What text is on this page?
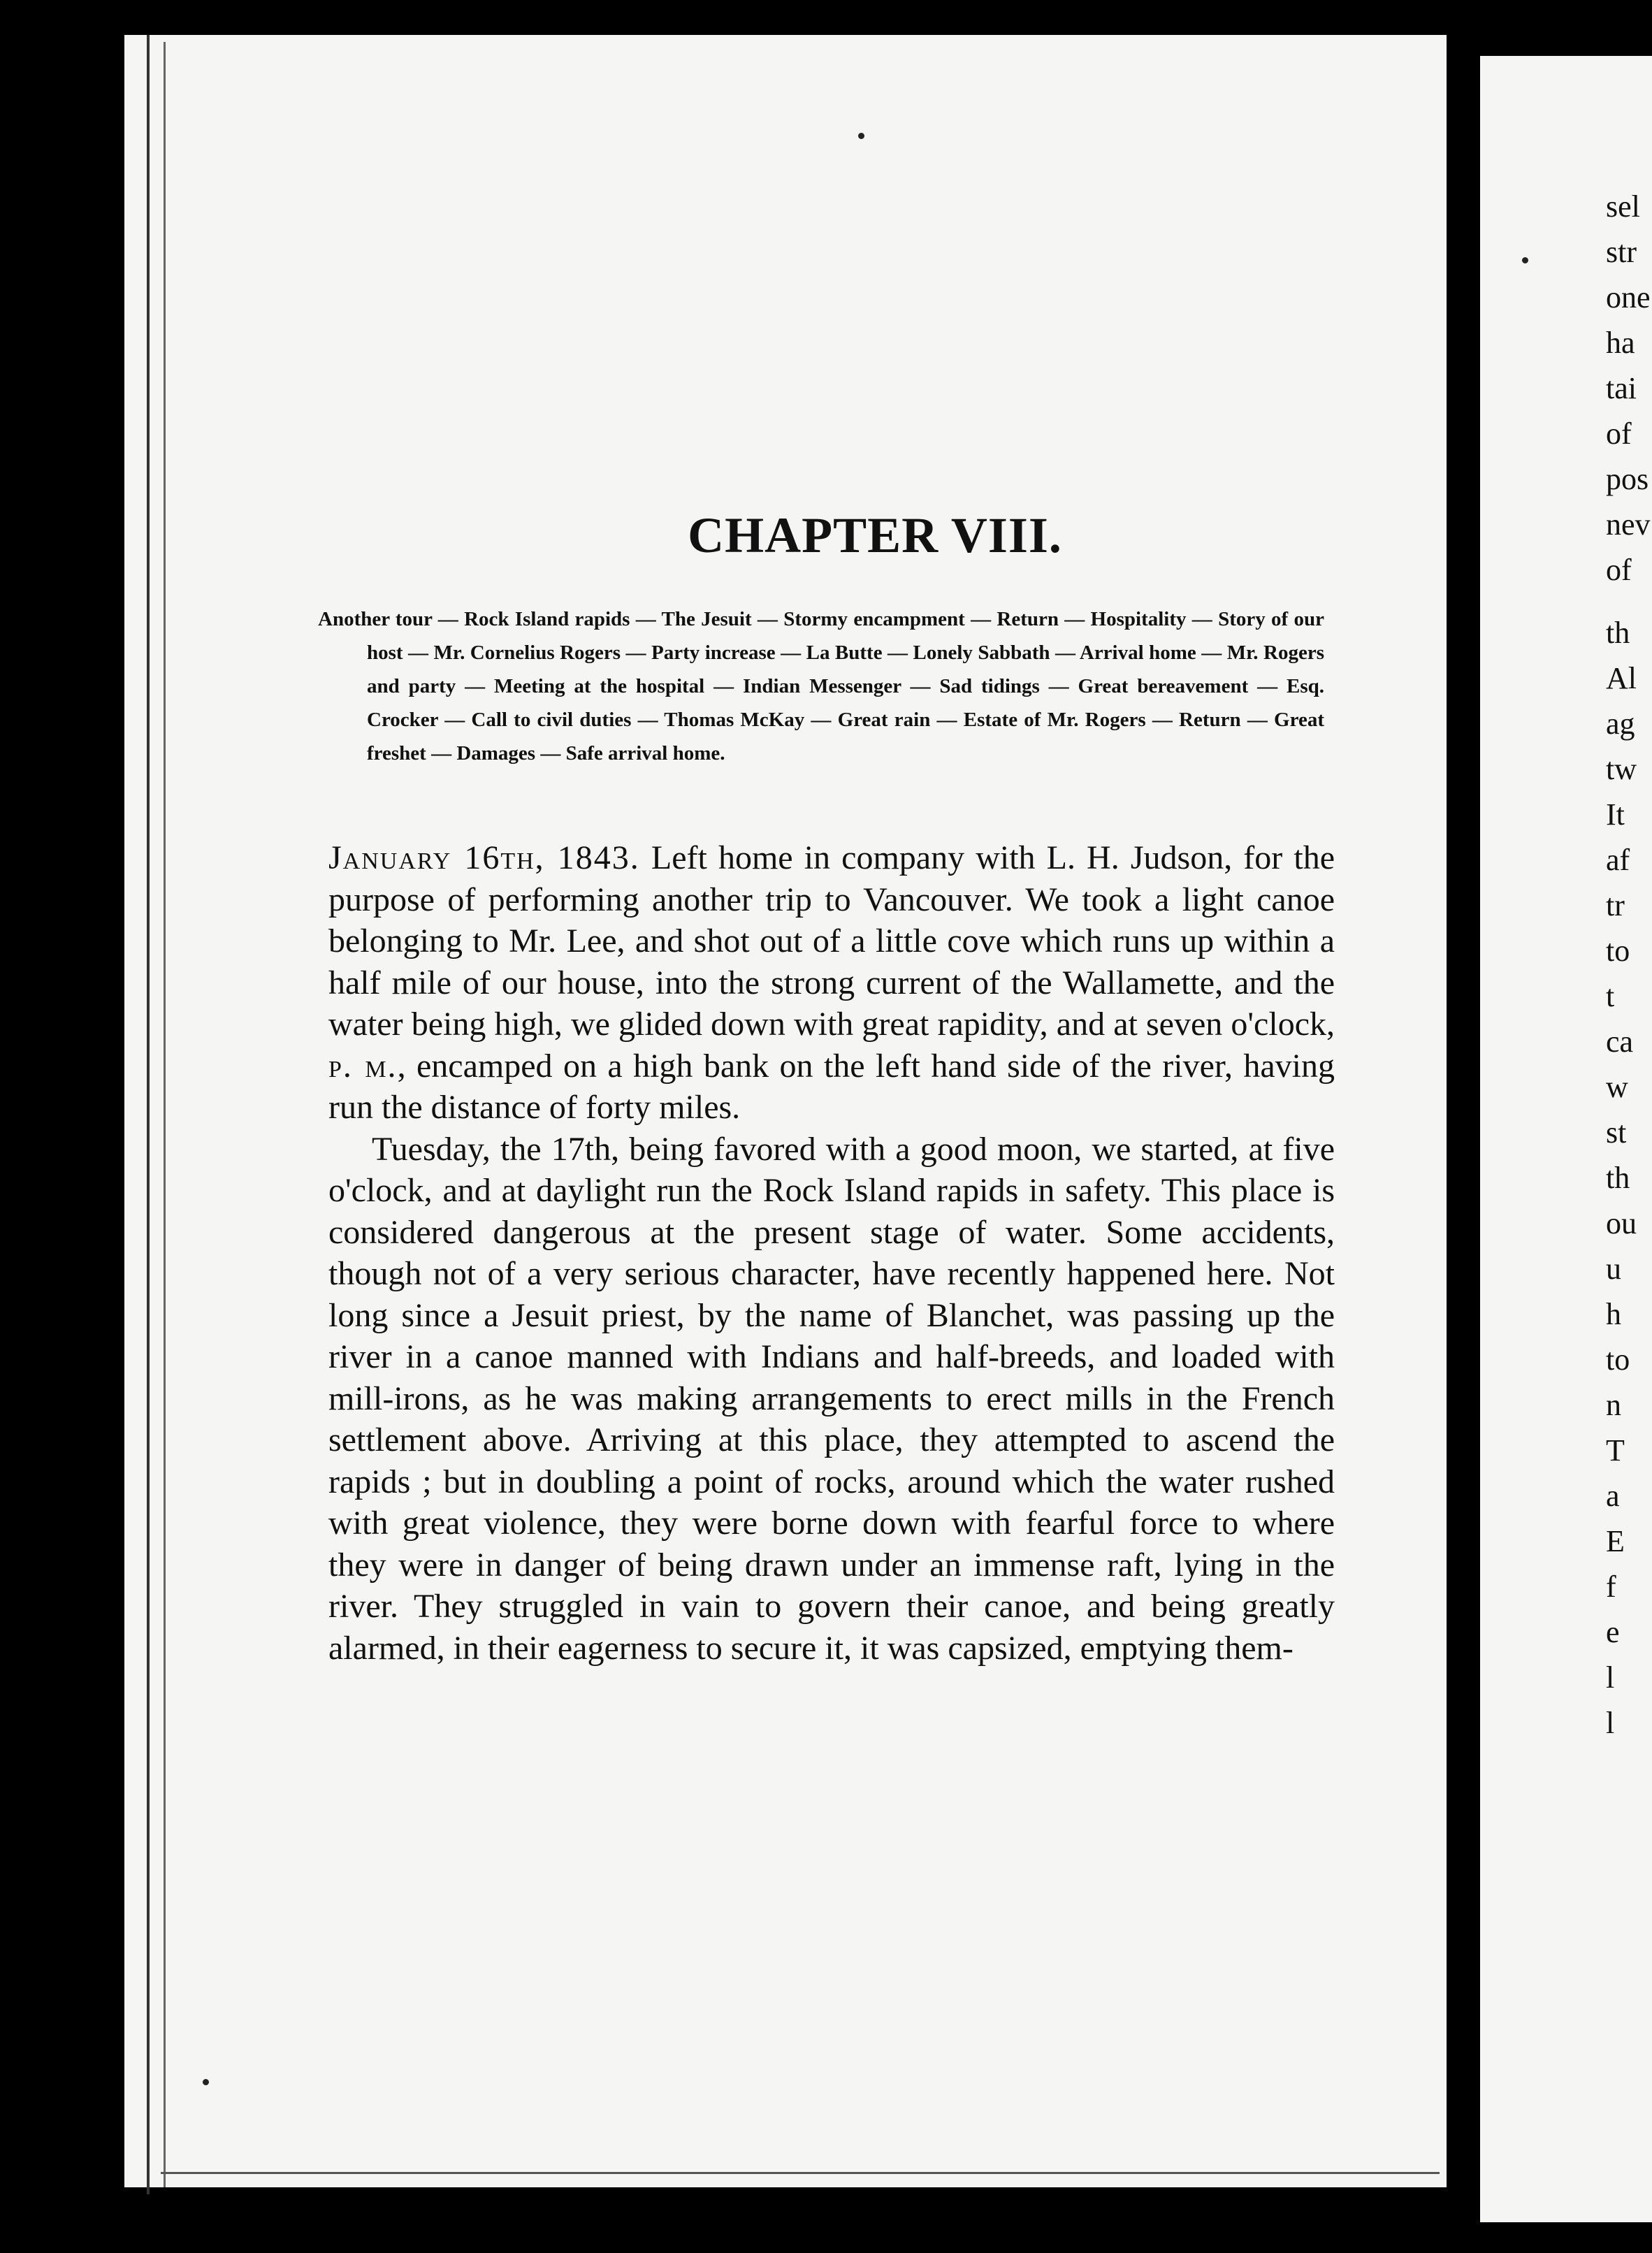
sel
str
one
ha
tai
of
pos
nev
of
th
Al
ag
tw
It
af
tr
to
t
ca
w
st
th
ou
u
h
to
n
T
a
E
f
e
l
l
CHAPTER VIII.
Another tour — Rock Island rapids — The Jesuit — Stormy encampment — Return — Hospitality — Story of our host — Mr. Cornelius Rogers — Party increase — La Butte — Lonely Sabbath — Arrival home — Mr. Rogers and party — Meeting at the hospital — Indian Messenger — Sad tidings — Great bereavement — Esq. Crocker — Call to civil duties — Thomas McKay — Great rain — Estate of Mr. Rogers — Return — Great freshet — Damages — Safe arrival home.

January 16th, 1843. Left home in company with L. H. Judson, for the purpose of performing another trip to Vancouver. We took a light canoe belonging to Mr. Lee, and shot out of a little cove which runs up within a half mile of our house, into the strong current of the Wallamette, and the water being high, we glided down with great rapidity, and at seven o'clock, p. m., encamped on a high bank on the left hand side of the river, having run the distance of forty miles.

Tuesday, the 17th, being favored with a good moon, we started, at five o'clock, and at daylight run the Rock Island rapids in safety. This place is considered dangerous at the present stage of water. Some accidents, though not of a very serious character, have recently happened here. Not long since a Jesuit priest, by the name of Blanchet, was passing up the river in a canoe manned with Indians and half-breeds, and loaded with mill-irons, as he was making arrangements to erect mills in the French settlement above. Arriving at this place, they attempted to ascend the rapids ; but in doubling a point of rocks, around which the water rushed with great violence, they were borne down with fearful force to where they were in danger of being drawn under an immense raft, lying in the river. They struggled in vain to govern their canoe, and being greatly alarmed, in their eagerness to secure it, it was capsized, emptying them-
